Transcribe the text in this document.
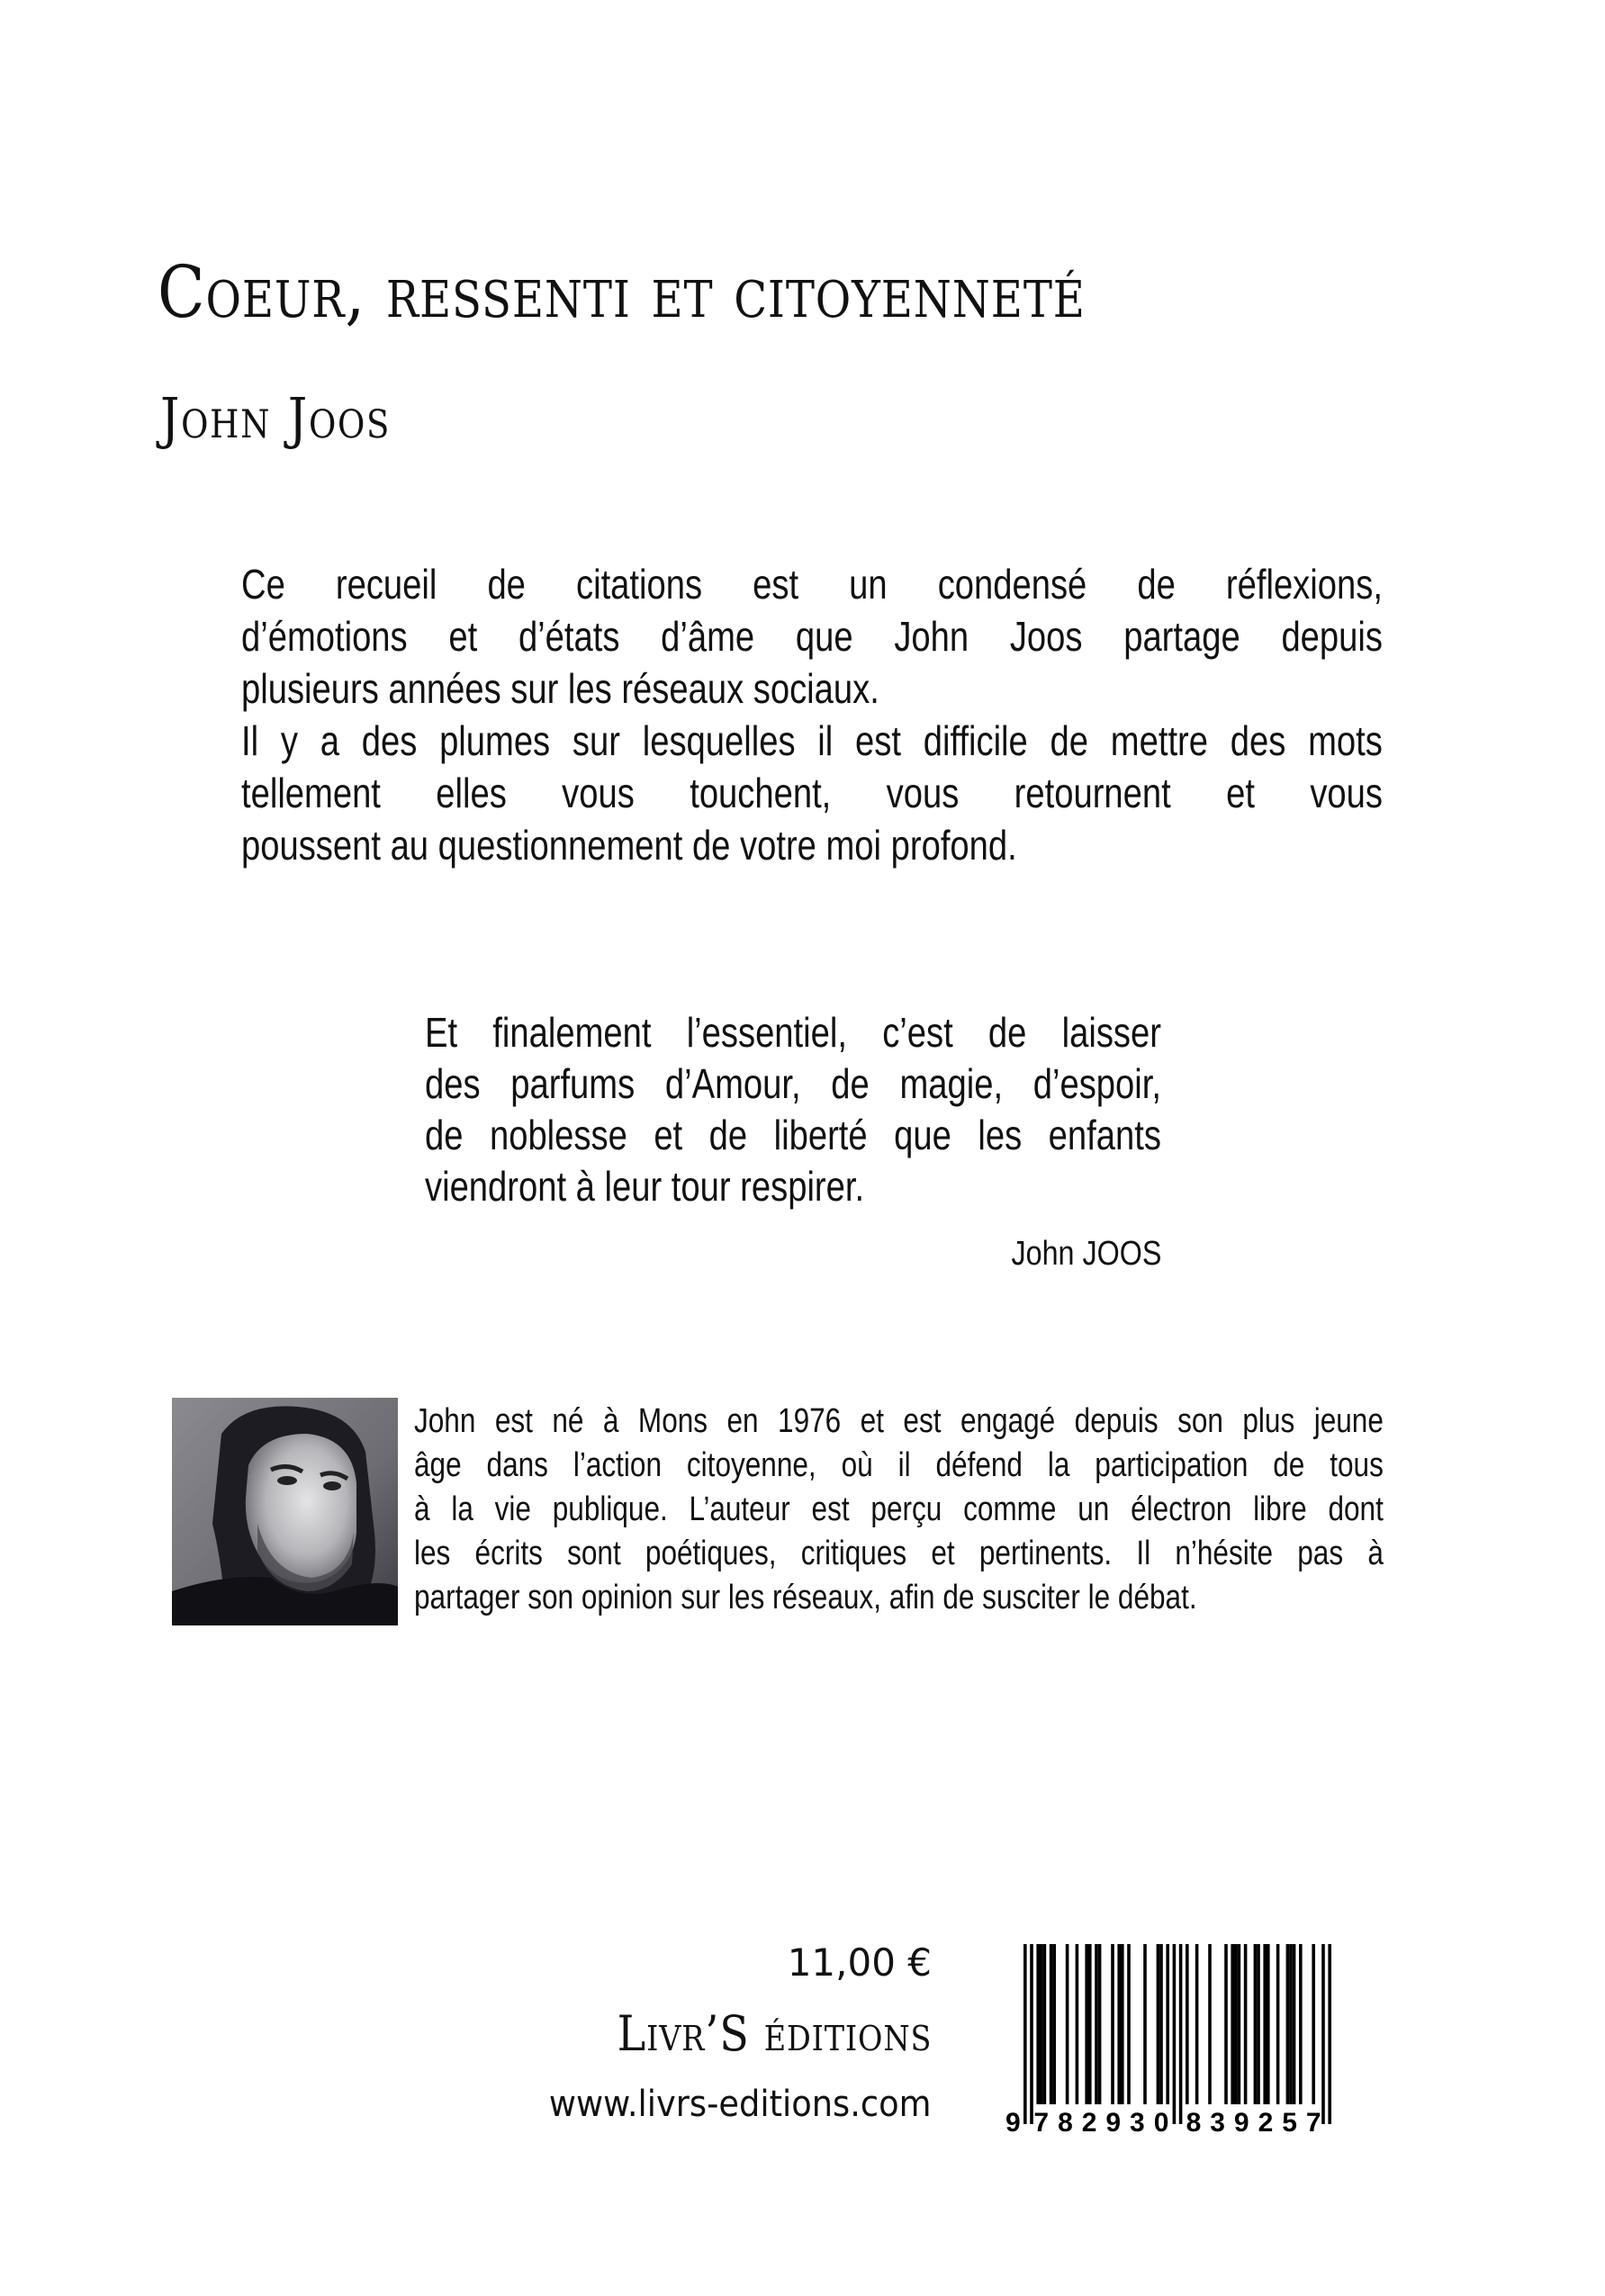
Coeur, ressenti et citoyenneté
John Joos
Ce recueil de citations est un condensé de réflexions,
d’émotions et d’états d’âme que John Joos partage depuis
plusieurs années sur les réseaux sociaux.
Il y a des plumes sur lesquelles il est difficile de mettre des mots
tellement elles vous touchent, vous retournent et vous
poussent au questionnement de votre moi profond.
Et finalement l’essentiel, c’est de laisser
des parfums d’Amour, de magie, d’espoir,
de noblesse et de liberté que les enfants
viendront à leur tour respirer.
John JOOS
John est né à Mons en 1976 et est engagé depuis son plus jeune
âge dans l’action citoyenne, où il défend la participation de tous
à la vie publique. L’auteur est perçu comme un électron libre dont
les écrits sont poétiques, critiques et pertinents. Il n’hésite pas à
partager son opinion sur les réseaux, afin de susciter le débat.
11,00 €
Livr’S éditions
www.livrs-editions.com	9 782930 839257
